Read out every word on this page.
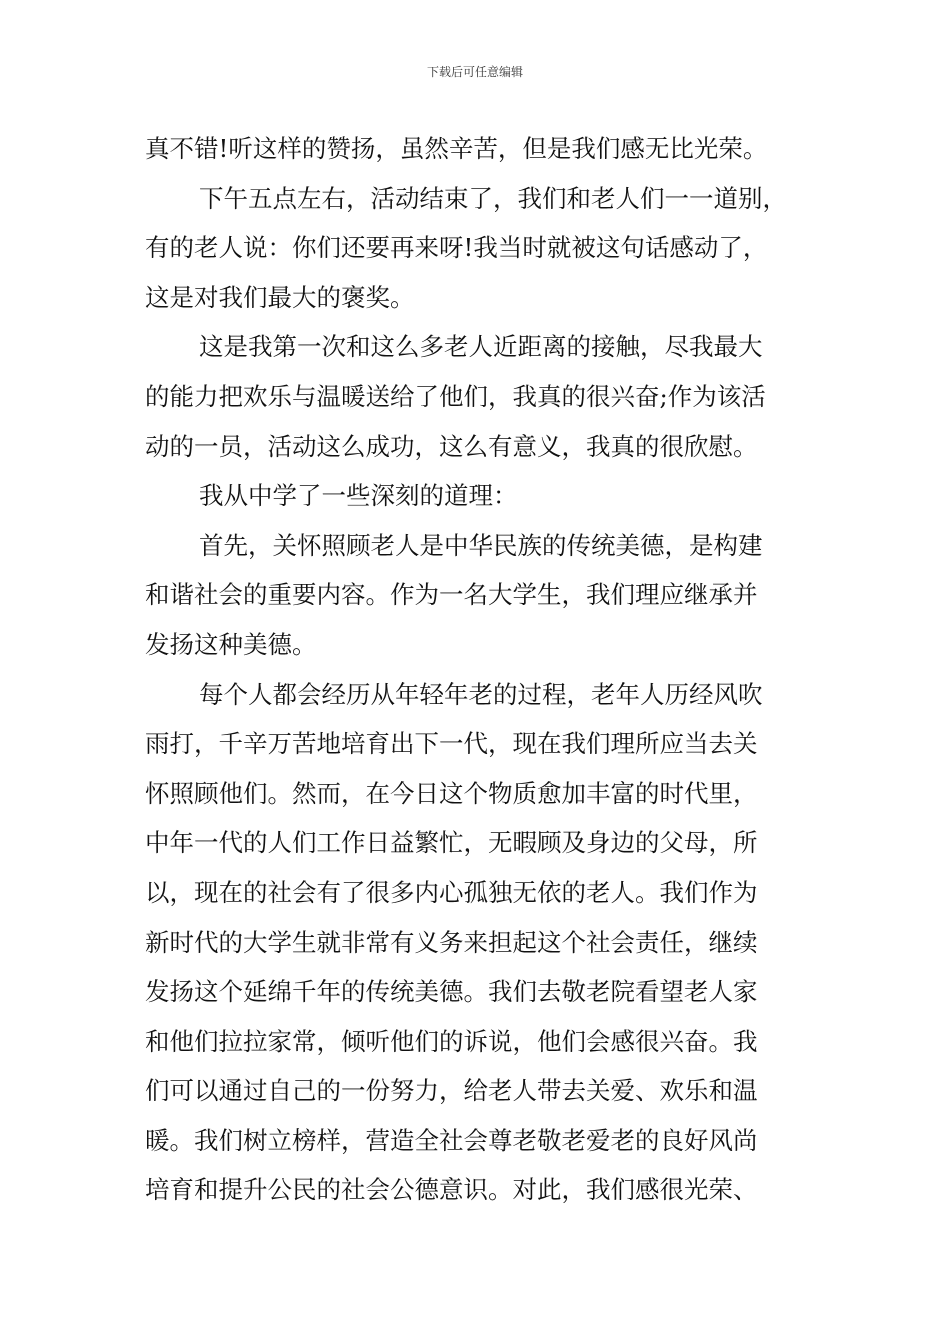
下载后可任意编辑
真不错!听这样的赞扬，虽然辛苦，但是我们感无比光荣。
下午五点左右，活动结束了，我们和老人们一一道别，
有的老人说：你们还要再来呀!我当时就被这句话感动了，
这是对我们最大的褒奖。
这是我第一次和这么多老人近距离的接触，尽我最大
的能力把欢乐与温暖送给了他们，我真的很兴奋;作为该活
动的一员，活动这么成功，这么有意义，我真的很欣慰。
我从中学了一些深刻的道理：
首先，关怀照顾老人是中华民族的传统美德，是构建
和谐社会的重要内容。作为一名大学生，我们理应继承并
发扬这种美德。
每个人都会经历从年轻年老的过程，老年人历经风吹
雨打，千辛万苦地培育出下一代，现在我们理所应当去关
怀照顾他们。然而，在今日这个物质愈加丰富的时代里，
中年一代的人们工作日益繁忙，无暇顾及身边的父母，所
以，现在的社会有了很多内心孤独无依的老人。我们作为
新时代的大学生就非常有义务来担起这个社会责任，继续
发扬这个延绵千年的传统美德。我们去敬老院看望老人家
和他们拉拉家常，倾听他们的诉说，他们会感很兴奋。我
们可以通过自己的一份努力，给老人带去关爱、欢乐和温
暖。我们树立榜样，营造全社会尊老敬老爱老的良好风尚
培育和提升公民的社会公德意识。对此，我们感很光荣、
